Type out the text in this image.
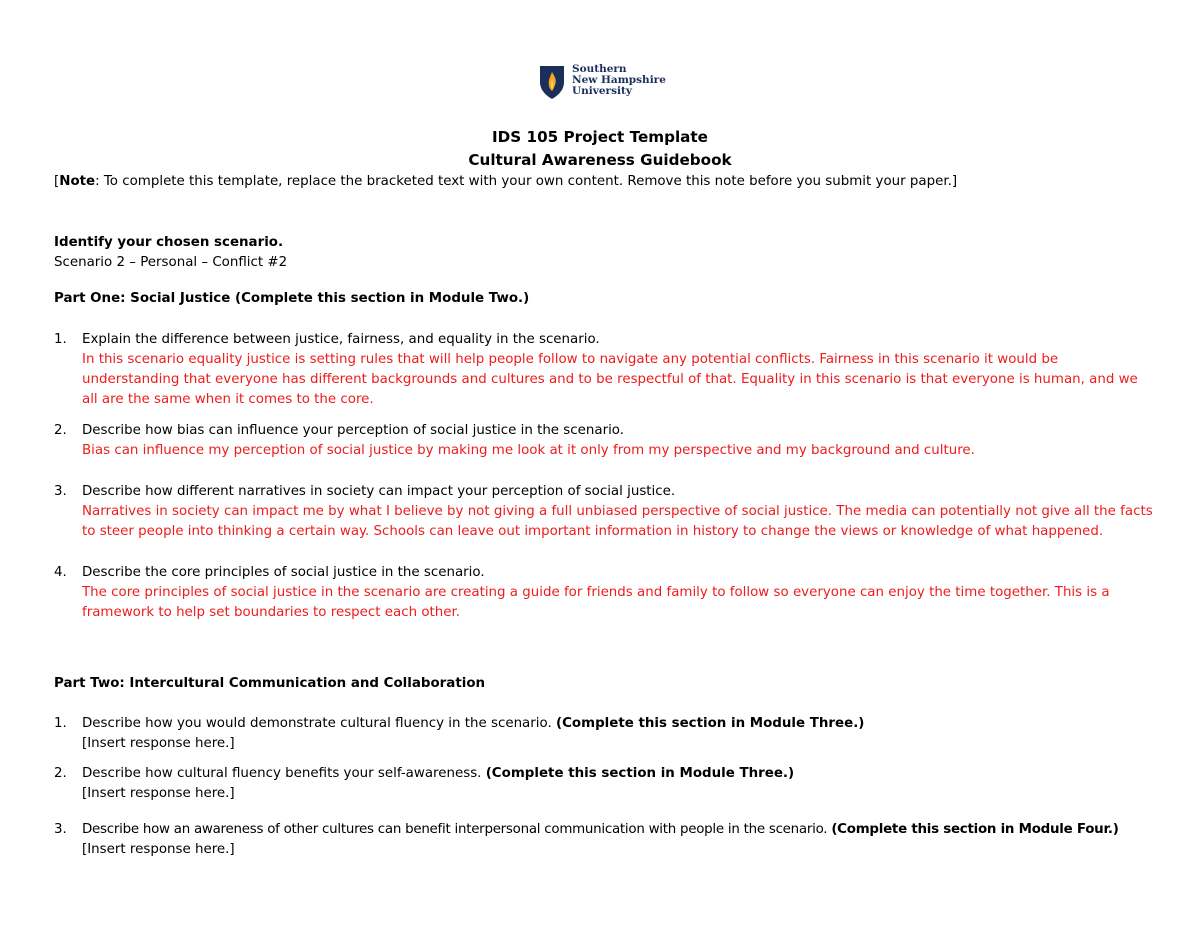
Southern
New Hampshire
University
IDS 105 Project Template
Cultural Awareness Guidebook
[Note: To complete this template, replace the bracketed text with your own content. Remove this note before you submit your paper.]
Identify your chosen scenario.
Scenario 2 – Personal – Conflict #2
Part One: Social Justice (Complete this section in Module Two.)
1.	Explain the difference between justice, fairness, and equality in the scenario.
In this scenario equality justice is setting rules that will help people follow to navigate any potential conflicts. Fairness in this scenario it would be understanding that everyone has different backgrounds and cultures and to be respectful of that. Equality in this scenario is that everyone is human, and we all are the same when it comes to the core.
2.	Describe how bias can influence your perception of social justice in the scenario.
Bias can influence my perception of social justice by making me look at it only from my perspective and my background and culture.
3.	Describe how different narratives in society can impact your perception of social justice.
Narratives in society can impact me by what I believe by not giving a full unbiased perspective of social justice. The media can potentially not give all the facts to steer people into thinking a certain way. Schools can leave out important information in history to change the views or knowledge of what happened.
4.	Describe the core principles of social justice in the scenario.
The core principles of social justice in the scenario are creating a guide for friends and family to follow so everyone can enjoy the time together. This is a framework to help set boundaries to respect each other.
Part Two: Intercultural Communication and Collaboration
1.	Describe how you would demonstrate cultural fluency in the scenario. (Complete this section in Module Three.)
[Insert response here.]
2.	Describe how cultural fluency benefits your self-awareness. (Complete this section in Module Three.)
[Insert response here.]
3.	Describe how an awareness of other cultures can benefit interpersonal communication with people in the scenario. (Complete this section in Module Four.)
[Insert response here.]
